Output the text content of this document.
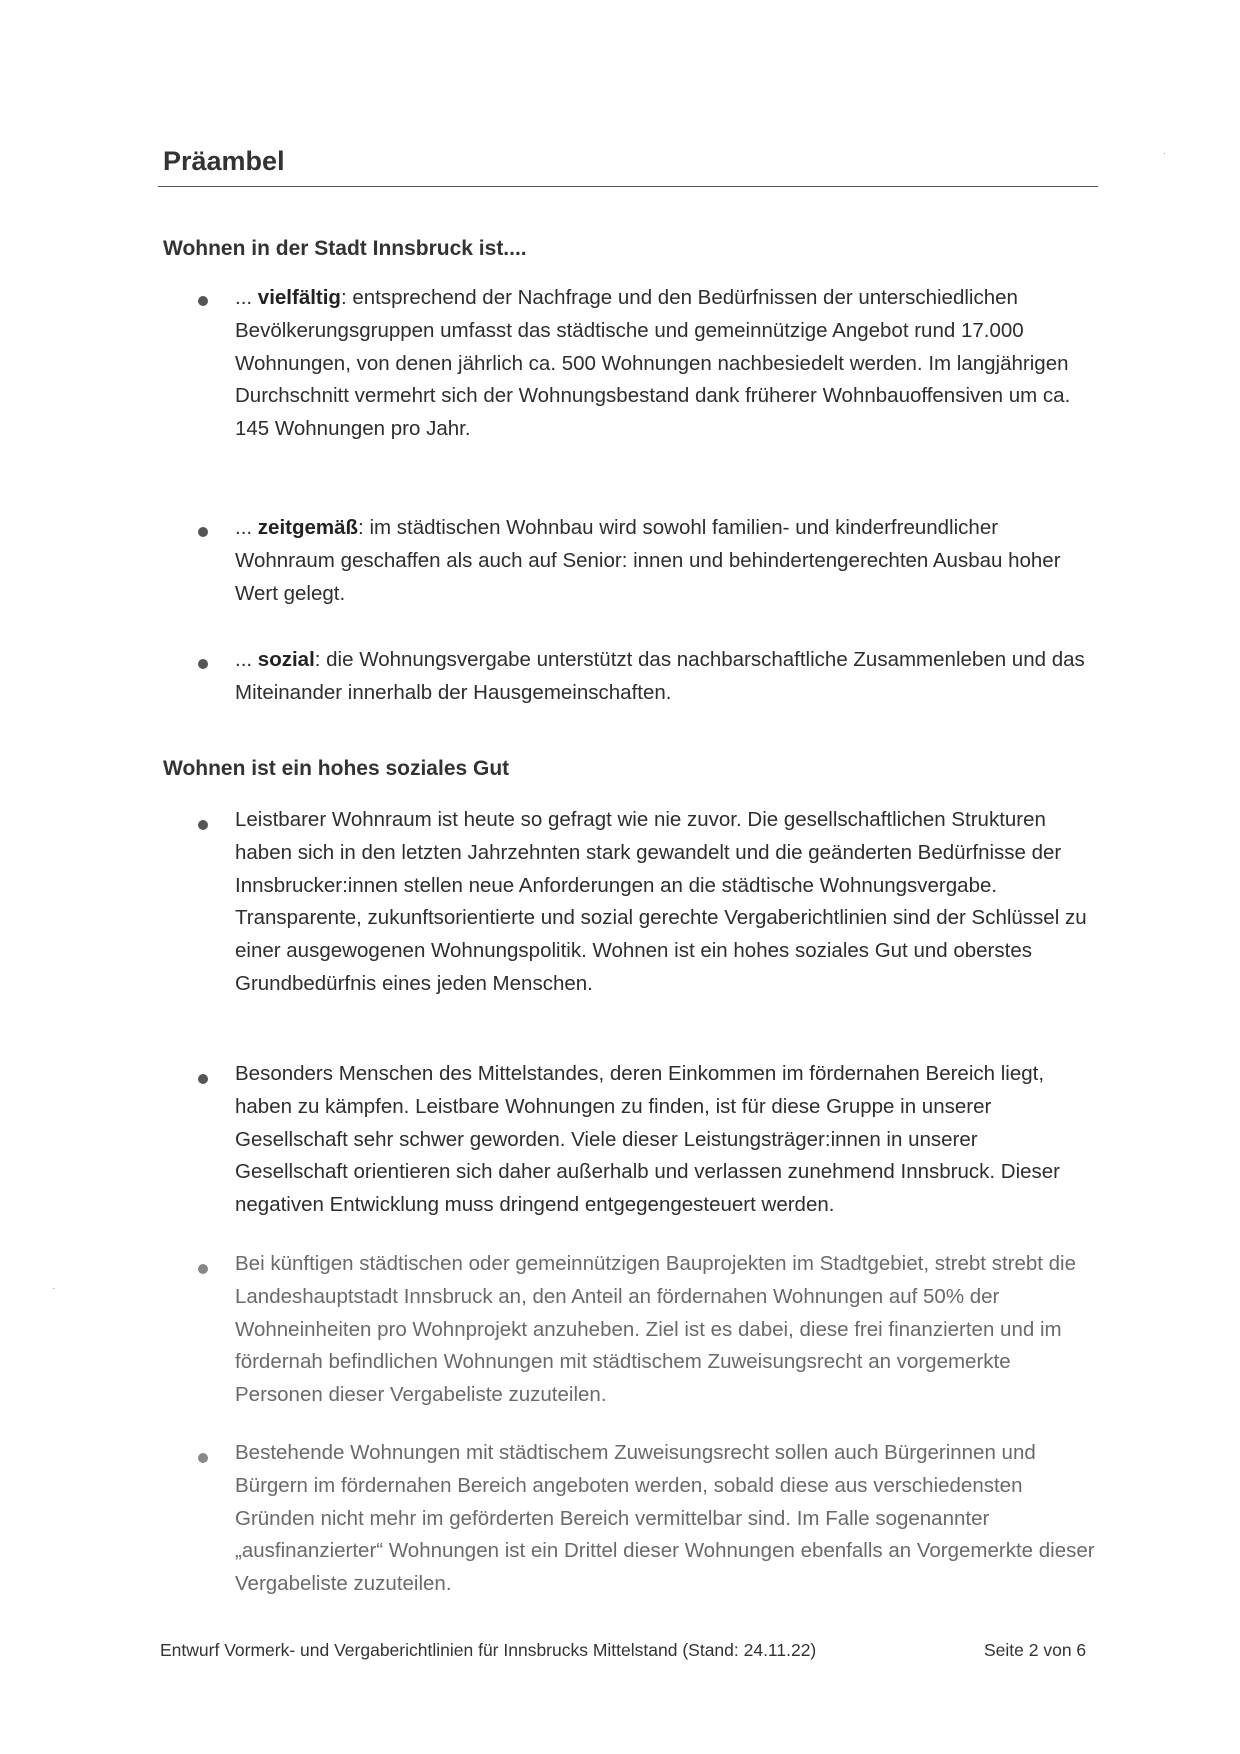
Präambel
Wohnen in der Stadt Innsbruck ist....
... vielfältig: entsprechend der Nachfrage und den Bedürfnissen der unterschiedlichen Bevölkerungsgruppen umfasst das städtische und gemeinnützige Angebot rund 17.000 Wohnungen, von denen jährlich ca. 500 Wohnungen nachbesiedelt werden. Im langjährigen Durchschnitt vermehrt sich der Wohnungsbestand dank früherer Wohnbauoffensiven um ca. 145 Wohnungen pro Jahr.
... zeitgemäß: im städtischen Wohnbau wird sowohl familien- und kinderfreundlicher Wohnraum geschaffen als auch auf Senior: innen und behindertengerechten Ausbau hoher Wert gelegt.
... sozial: die Wohnungsvergabe unterstützt das nachbarschaftliche Zusammenleben und das Miteinander innerhalb der Hausgemeinschaften.
Wohnen ist ein hohes soziales Gut
Leistbarer Wohnraum ist heute so gefragt wie nie zuvor. Die gesellschaftlichen Strukturen haben sich in den letzten Jahrzehnten stark gewandelt und die geänderten Bedürfnisse der Innsbrucker:innen stellen neue Anforderungen an die städtische Wohnungsvergabe. Transparente, zukunftsorientierte und sozial gerechte Vergaberichtlinien sind der Schlüssel zu einer ausgewogenen Wohnungspolitik. Wohnen ist ein hohes soziales Gut und oberstes Grundbedürfnis eines jeden Menschen.
Besonders Menschen des Mittelstandes, deren Einkommen im fördernahen Bereich liegt, haben zu kämpfen. Leistbare Wohnungen zu finden, ist für diese Gruppe in unserer Gesellschaft sehr schwer geworden. Viele dieser Leistungsträger:innen in unserer Gesellschaft orientieren sich daher außerhalb und verlassen zunehmend Innsbruck. Dieser negativen Entwicklung muss dringend entgegengesteuert werden.
Bei künftigen städtischen oder gemeinnützigen Bauprojekten im Stadtgebiet, strebt strebt die Landeshauptstadt Innsbruck an, den Anteil an fördernahen Wohnungen auf 50% der Wohneinheiten pro Wohnprojekt anzuheben. Ziel ist es dabei, diese frei finanzierten und im fördernah befindlichen Wohnungen mit städtischem Zuweisungsrecht an vorgemerkte Personen dieser Vergabeliste zuzuteilen.
Bestehende Wohnungen mit städtischem Zuweisungsrecht sollen auch Bürgerinnen und Bürgern im fördernahen Bereich angeboten werden, sobald diese aus verschiedensten Gründen nicht mehr im geförderten Bereich vermittelbar sind. Im Falle sogenannter „ausfinanzierter“ Wohnungen ist ein Drittel dieser Wohnungen ebenfalls an Vorgemerkte dieser Vergabeliste zuzuteilen.
Entwurf Vormerk- und Vergaberichtlinien für Innsbrucks Mittelstand (Stand: 24.11.22)	Seite 2 von 6
·
·
